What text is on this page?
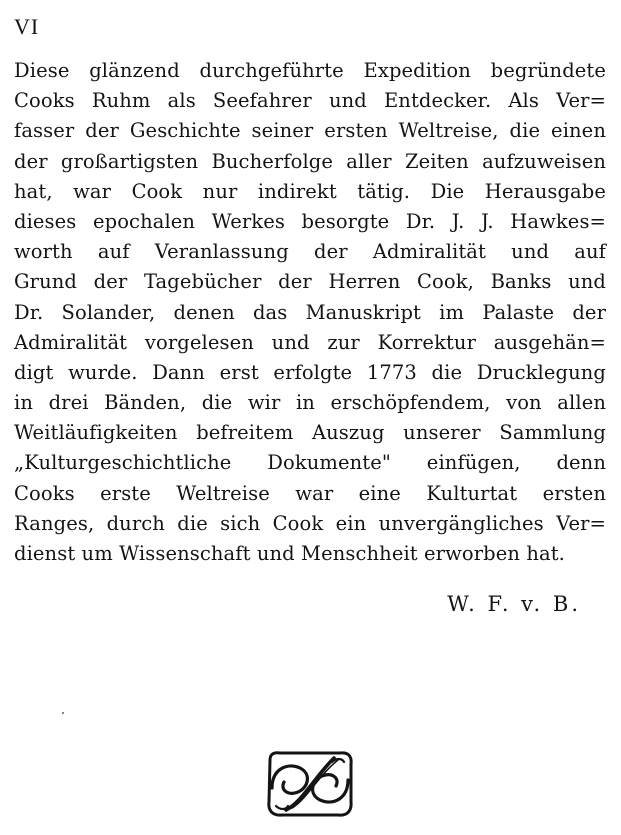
VI
Diese glänzend durchgeführte Expedition begründete
Cooks Ruhm als Seefahrer und Entdecker. Als Ver=
fasser der Geschichte seiner ersten Weltreise, die einen
der großartigsten Bucherfolge aller Zeiten aufzuweisen
hat, war Cook nur indirekt tätig. Die Herausgabe
dieses epochalen Werkes besorgte Dr. J. J. Hawkes=
worth auf Veranlassung der Admiralität und auf
Grund der Tagebücher der Herren Cook, Banks und
Dr. Solander, denen das Manuskript im Palaste der
Admiralität vorgelesen und zur Korrektur ausgehän=
digt wurde. Dann erst erfolgte 1773 die Drucklegung
in drei Bänden, die wir in erschöpfendem, von allen
Weitläufigkeiten befreitem Auszug unserer Sammlung
„Kulturgeschichtliche Dokumente" einfügen, denn
Cooks erste Weltreise war eine Kulturtat ersten
Ranges, durch die sich Cook ein unvergängliches Ver=
dienst um Wissenschaft und Menschheit erworben hat.
W. F. v. B.
